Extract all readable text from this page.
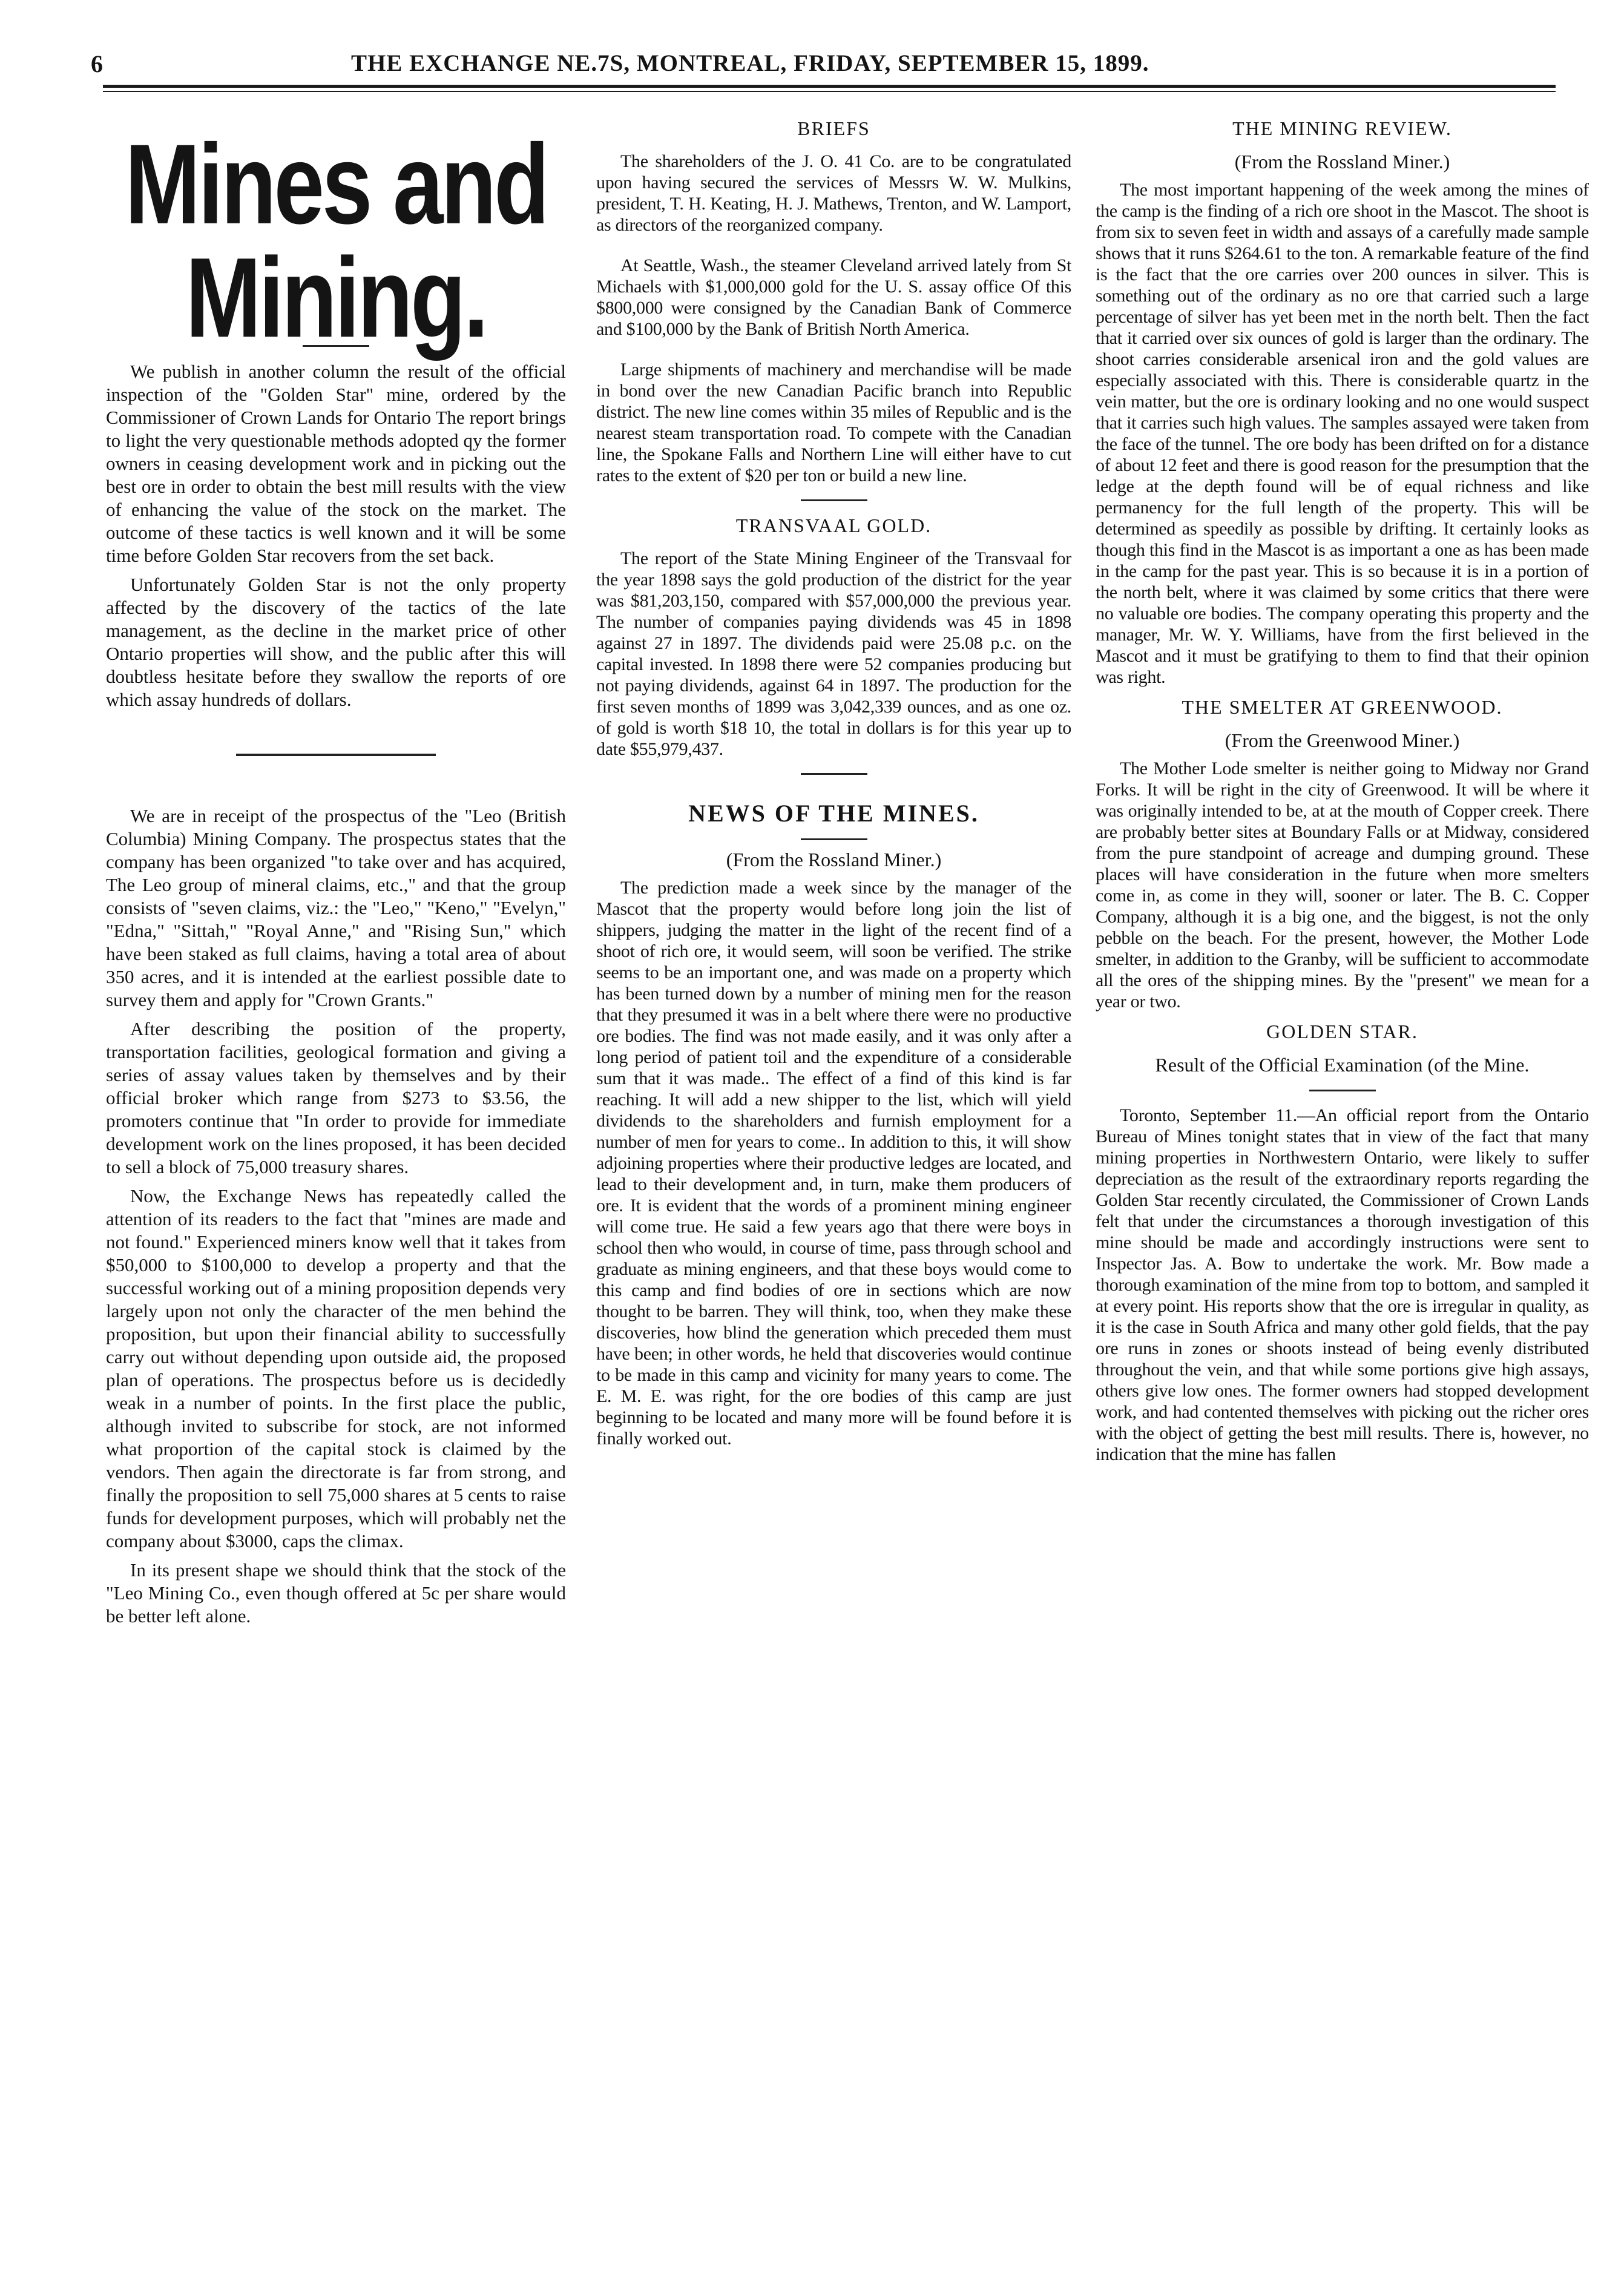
6	THE EXCHANGE NE.7S, MONTREAL, FRIDAY, SEPTEMBER 15, 1899.
Mines and Mining.

We publish in another column the result of the official inspection of the "Golden Star" mine, ordered by the Commissioner of Crown Lands for Ontario The report brings to light the very questionable methods adopted qy the former owners in ceasing development work and in picking out the best ore in order to obtain the best mill results with the view of enhancing the value of the stock on the market. The outcome of these tactics is well known and it will be some time before Golden Star recovers from the set back.

Unfortunately Golden Star is not the only property affected by the discovery of the tactics of the late management, as the decline in the market price of other Ontario properties will show, and the public after this will doubtless hesitate before they swallow the reports of ore which assay hundreds of dollars.

We are in receipt of the prospectus of the "Leo (British Columbia) Mining Company. The prospectus states that the company has been organized "to take over and has acquired, The Leo group of mineral claims, etc.," and that the group consists of "seven claims, viz.: the "Leo," "Keno," "Evelyn," "Edna," "Sittah," "Royal Anne," and "Rising Sun," which have been staked as full claims, having a total area of about 350 acres, and it is intended at the earliest possible date to survey them and apply for "Crown Grants."

After describing the position of the property, transportation facilities, geological formation and giving a series of assay values taken by themselves and by their official broker which range from $273 to $3.56, the promoters continue that "In order to provide for immediate development work on the lines proposed, it has been decided to sell a block of 75,000 treasury shares.

Now, the Exchange News has repeatedly called the attention of its readers to the fact that "mines are made and not found." Experienced miners know well that it takes from $50,000 to $100,000 to develop a property and that the successful working out of a mining proposition depends very largely upon not only the character of the men behind the proposition, but upon their financial ability to successfully carry out without depending upon outside aid, the proposed plan of operations. The prospectus before us is decidedly weak in a number of points. In the first place the public, although invited to subscribe for stock, are not informed what proportion of the capital stock is claimed by the vendors. Then again the directorate is far from strong, and finally the proposition to sell 75,000 shares at 5 cents to raise funds for development purposes, which will probably net the company about $3000, caps the climax.

In its present shape we should think that the stock of the "Leo Mining Co., even though offered at 5c per share would be better left alone.

BRIEFS

The shareholders of the J. O. 41 Co. are to be congratulated upon having secured the services of Messrs W. W. Mulkins, president, T. H. Keating, H. J. Mathews, Trenton, and W. Lamport, as directors of the reorganized company.

At Seattle, Wash., the steamer Cleveland arrived lately from St Michaels with $1,000,000 gold for the U. S. assay office Of this $800,000 were consigned by the Canadian Bank of Commerce and $100,000 by the Bank of British North America.

Large shipments of machinery and merchandise will be made in bond over the new Canadian Pacific branch into Republic district. The new line comes within 35 miles of Republic and is the nearest steam transportation road. To compete with the Canadian line, the Spokane Falls and Northern Line will either have to cut rates to the extent of $20 per ton or build a new line.

TRANSVAAL GOLD.

The report of the State Mining Engineer of the Transvaal for the year 1898 says the gold production of the district for the year was $81,203,150, compared with $57,000,000 the previous year. The number of companies paying dividends was 45 in 1898 against 27 in 1897. The dividends paid were 25.08 p.c. on the capital invested. In 1898 there were 52 companies producing but not paying dividends, against 64 in 1897. The production for the first seven months of 1899 was 3,042,339 ounces, and as one oz. of gold is worth $18 10, the total in dollars is for this year up to date $55,979,437.

NEWS OF THE MINES.
(From the Rossland Miner.)

The prediction made a week since by the manager of the Mascot that the property would before long join the list of shippers, judging the matter in the light of the recent find of a shoot of rich ore, it would seem, will soon be verified. The strike seems to be an important one, and was made on a property which has been turned down by a number of mining men for the reason that they presumed it was in a belt where there were no productive ore bodies. The find was not made easily, and it was only after a long period of patient toil and the expenditure of a considerable sum that it was made.. The effect of a find of this kind is far reaching. It will add a new shipper to the list, which will yield dividends to the shareholders and furnish employment for a number of men for years to come.. In addition to this, it will show adjoining properties where their productive ledges are located, and lead to their development and, in turn, make them producers of ore. It is evident that the words of a prominent mining engineer will come true. He said a few years ago that there were boys in school then who would, in course of time, pass through school and graduate as mining engineers, and that these boys would come to this camp and find bodies of ore in sections which are now thought to be barren. They will think, too, when they make these discoveries, how blind the generation which preceded them must have been; in other words, he held that discoveries would continue to be made in this camp and vicinity for many years to come. The E. M. E. was right, for the ore bodies of this camp are just beginning to be located and many more will be found before it is finally worked out.

THE MINING REVIEW.
(From the Rossland Miner.)

The most important happening of the week among the mines of the camp is the finding of a rich ore shoot in the Mascot. The shoot is from six to seven feet in width and assays of a carefully made sample shows that it runs $264.61 to the ton. A remarkable feature of the find is the fact that the ore carries over 200 ounces in silver. This is something out of the ordinary as no ore that carried such a large percentage of silver has yet been met in the north belt. Then the fact that it carried over six ounces of gold is larger than the ordinary. The shoot carries considerable arsenical iron and the gold values are especially associated with this. There is considerable quartz in the vein matter, but the ore is ordinary looking and no one would suspect that it carries such high values. The samples assayed were taken from the face of the tunnel. The ore body has been drifted on for a distance of about 12 feet and there is good reason for the presumption that the ledge at the depth found will be of equal richness and like permanency for the full length of the property. This will be determined as speedily as possible by drifting. It certainly looks as though this find in the Mascot is as important a one as has been made in the camp for the past year. This is so because it is in a portion of the north belt, where it was claimed by some critics that there were no valuable ore bodies. The company operating this property and the manager, Mr. W. Y. Williams, have from the first believed in the Mascot and it must be gratifying to them to find that their opinion was right.

THE SMELTER AT GREENWOOD.
(From the Greenwood Miner.)

The Mother Lode smelter is neither going to Midway nor Grand Forks. It will be right in the city of Greenwood. It will be where it was originally intended to be, at at the mouth of Copper creek. There are probably better sites at Boundary Falls or at Midway, considered from the pure standpoint of acreage and dumping ground. These places will have consideration in the future when more smelters come in, as come in they will, sooner or later. The B. C. Copper Company, although it is a big one, and the biggest, is not the only pebble on the beach. For the present, however, the Mother Lode smelter, in addition to the Granby, will be sufficient to accommodate all the ores of the shipping mines. By the "present" we mean for a year or two.

GOLDEN STAR.
Result of the Official Examination (of the Mine.

Toronto, September 11.—An official report from the Ontario Bureau of Mines tonight states that in view of the fact that many mining properties in Northwestern Ontario, were likely to suffer depreciation as the result of the extraordinary reports regarding the Golden Star recently circulated, the Commissioner of Crown Lands felt that under the circumstances a thorough investigation of this mine should be made and accordingly instructions were sent to Inspector Jas. A. Bow to undertake the work. Mr. Bow made a thorough examination of the mine from top to bottom, and sampled it at every point. His reports show that the ore is irregular in quality, as it is the case in South Africa and many other gold fields, that the pay ore runs in zones or shoots instead of being evenly distributed throughout the vein, and that while some portions give high assays, others give low ones. The former owners had stopped development work, and had contented themselves with picking out the richer ores with the object of getting the best mill results. There is, however, no indication that the mine has fallen
